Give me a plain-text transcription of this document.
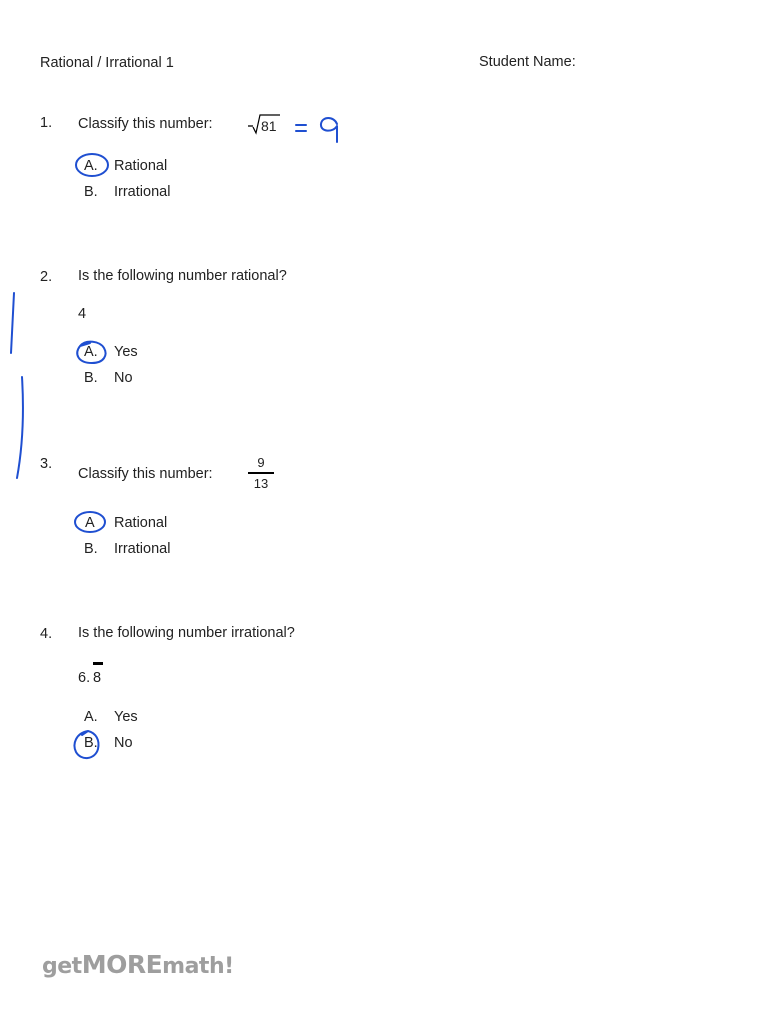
Rational / Irrational 1	Student Name:
1. Classify this number:	81
A. Rational
B. Irrational
2. Is the following number rational?
4
A. Yes
B. No
3.
Classify this number:
9
13
A Rational
B. Irrational
4. Is the following number irrational?
6. 8
A. Yes
B. No
getMOREmath!
